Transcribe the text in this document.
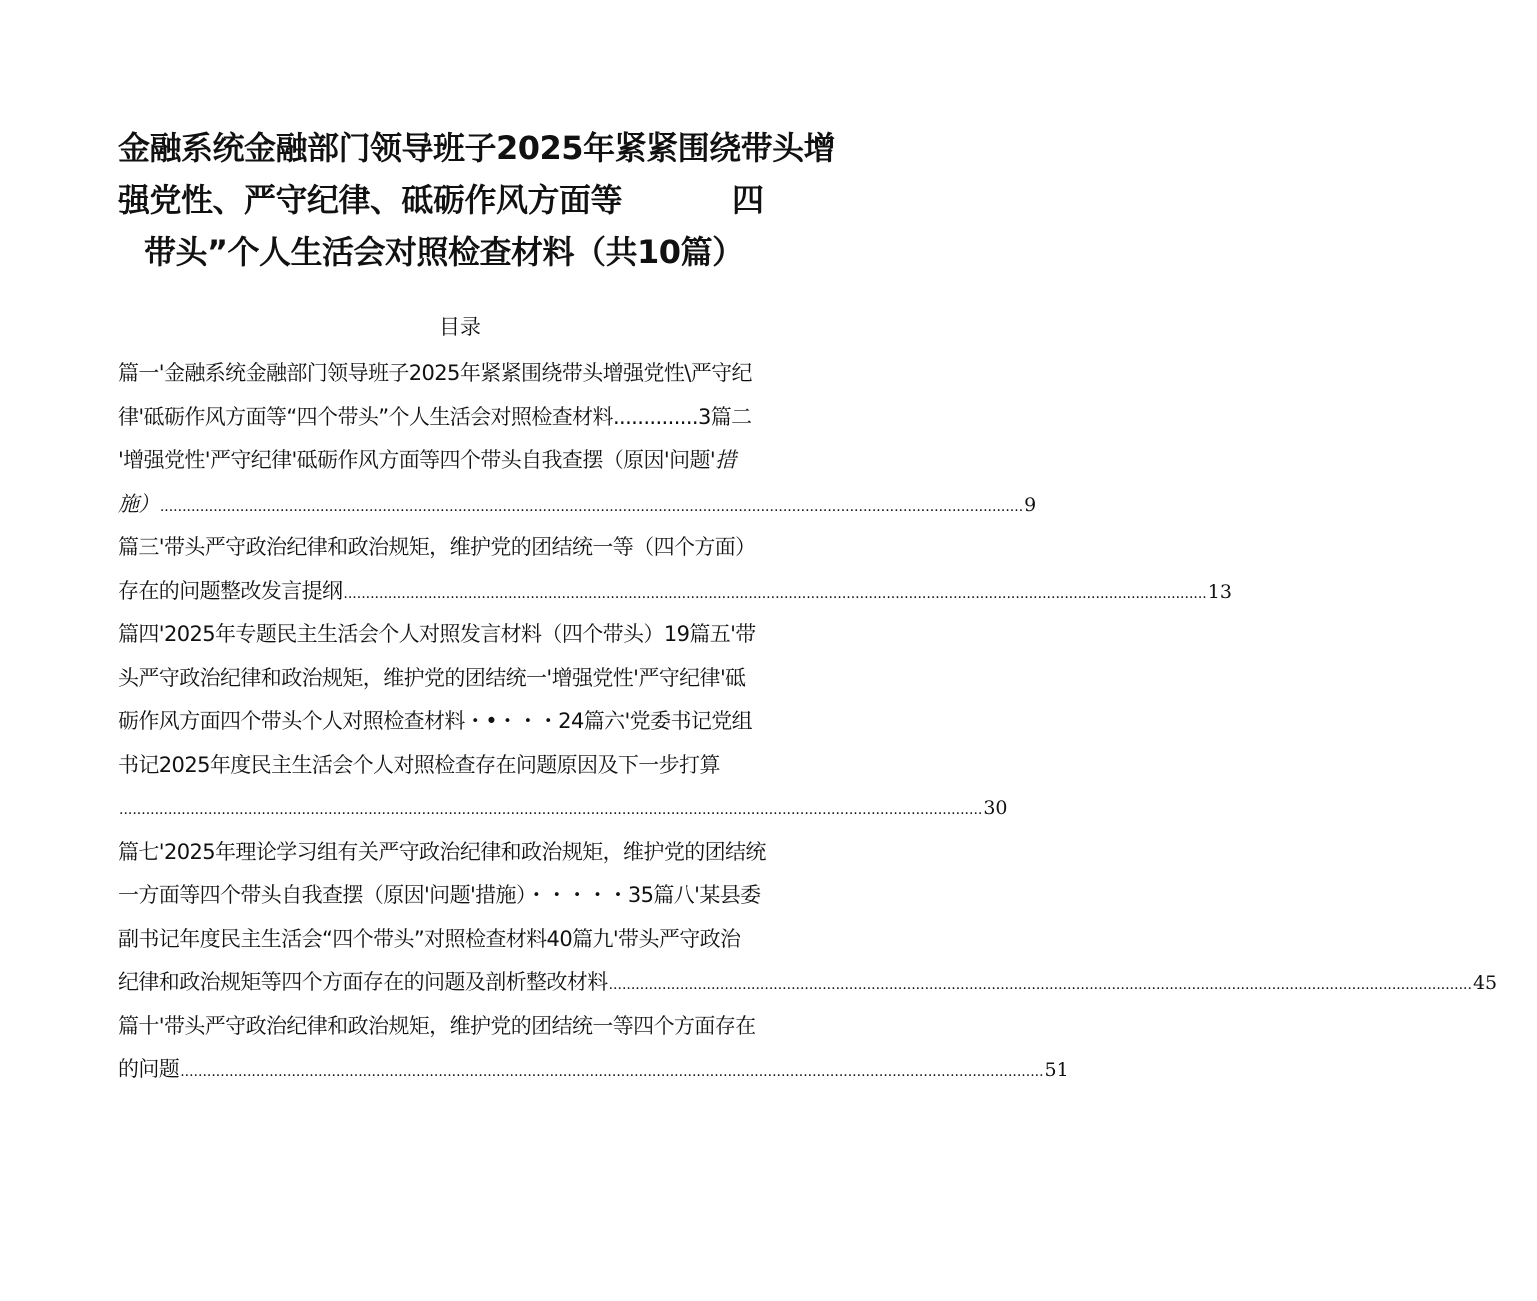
金融系统金融部门领导班子2025年紧紧围绕带头增
强党性、严守纪律、砥砺作风方面等	四
带头”个人生活会对照检查材料（共10篇）
目录
篇一'金融系统金融部门领导班子2025年紧紧围绕带头增强党性\严守纪
律'砥砺作风方面等“四个带头”个人生活会对照检查材料..............3篇二
'增强党性'严守纪律'砥砺作风方面等四个带头自我查摆（原因'问题'措
施） .................................................................................................................................................................................................. 9
篇三'带头严守政治纪律和政治规矩，维护党的团结统一等（四个方面）
存在的问题整改发言提纲 .................................................................................................................................................................................................. 13
篇四'2025年专题民主生活会个人对照发言材料（四个带头）19篇五'带
头严守政治纪律和政治规矩，维护党的团结统一'增强党性'严守纪律'砥
砺作风方面四个带头个人对照检查材料・•・・・24篇六'党委书记党组
书记2025年度民主生活会个人对照检查存在问题原因及下一步打算
.................................................................................................................................................................................................. 30
篇七'2025年理论学习组有关严守政治纪律和政治规矩，维护党的团结统
一方面等四个带头自我查摆（原因'问题'措施）・・・・・35篇八'某县委
副书记年度民主生活会“四个带头”对照检查材料40篇九'带头严守政治
纪律和政治规矩等四个方面存在的问题及剖析整改材料 .................................................................................................................................................................................................. 45
篇十'带头严守政治纪律和政治规矩，维护党的团结统一等四个方面存在
的问题 .................................................................................................................................................................................................. 51
